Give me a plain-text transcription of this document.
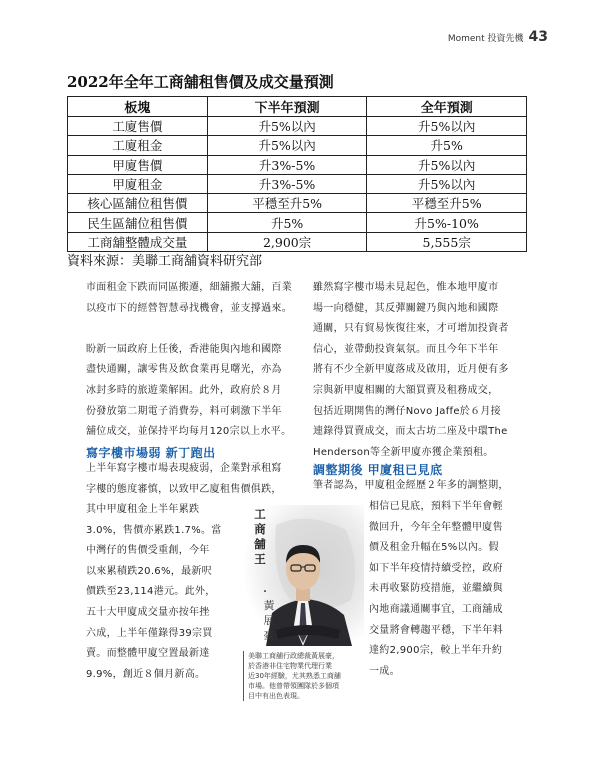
Moment 投資先機 43
2022年全年工商舖租售價及成交量預測
板塊	下半年預測	全年預測
工廈售價	升5%以內	升5%以內
工廈租金	升5%以內	升5%
甲廈售價	升3%-5%	升5%以內
甲廈租金	升3%-5%	升5%以內
核心區舖位租售價	平穩至升5%	平穩至升5%
民生區舖位租售價	升5%	升5%-10%
工商舖整體成交量	2,900宗	5,555宗
資料來源：美聯工商舖資料研究部

市面租金下跌而同區搬遷，細舖搬大舖，百業

以疫市下的經營智慧尋找機會，並支撐過來。

盼新一屆政府上任後，香港能與內地和國際

盡快通關，讓零售及飲食業再見曙光，亦為

冰封多時的旅遊業解困。此外，政府於８月

份發放第二期電子消費券，料可刺激下半年

舖位成交，並保持平均每月120宗以上水平。

寫字樓市場弱 新丁跑出

上半年寫字樓市場表現疲弱，企業對承租寫

字樓的態度審慎，以致甲乙廈租售價俱跌，

其中甲廈租金上半年累跌

3.0%，售價亦累跌1.7%。當

中灣仔的售價受重創，今年

以來累積跌20.6%，最新呎

價跌至23,114港元。此外，

五十大甲廈成交量亦按年挫

六成，上半年僅錄得39宗買

賣。而整體甲廈空置最新達

9.9%，創近８個月新高。

雖然寫字樓市場未見起色，惟本地甲廈市

場一向穩健，其反彈關鍵乃與內地和國際

通關，只有貿易恢復往來，才可增加投資者

信心，並帶動投資氣氛。而且今年下半年

將有不少全新甲廈落成及啟用，近月便有多

宗與新甲廈相關的大額買賣及租務成交，

包括近期開售的灣仔Novo Jaffe於６月接

連錄得買賣成交，而太古坊二座及中環The

Henderson等全新甲廈亦獲企業預租。

調整期後 甲廈租已見底

筆者認為，甲廈租金經歷２年多的調整期，

相信已見底，預料下半年會輕

微回升，今年全年整體甲廈售

價及租金升幅在5%以內。假

如下半年疫情持續受控，政府

未再收緊防疫措施，並繼續與

內地商議通關事宜，工商舖成

交量將會轉趨平穩，下半年料

達約2,900宗，較上半年升約

一成。

工商舖王
・
黃展豪
美聯工商舖行政總裁黃展豪，
於香港非住宅物業代理行業
近30年經驗，尤其熟悉工商舖
市場。他曾帶領團隊於多個項
目中有出色表現。
